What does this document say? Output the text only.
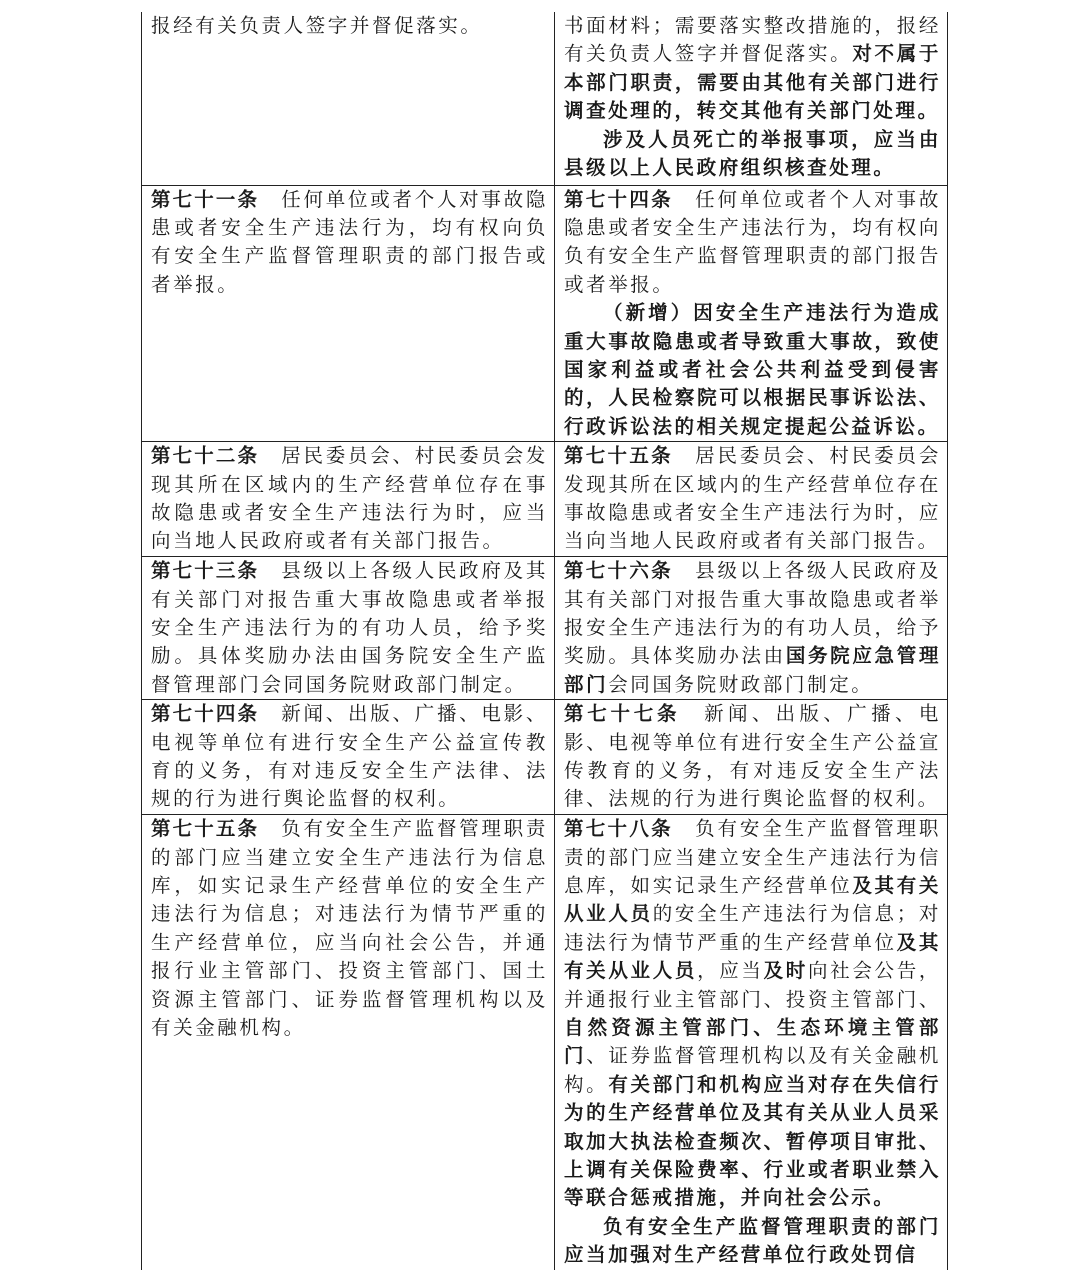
报经有关负责人签字并督促落实。	书面材料；需要落实整改措施的，报经有关负责人签字并督促落实。对不属于本部门职责，需要由其他有关部门进行调查处理的，转交其他有关部门处理。
涉及人员死亡的举报事项，应当由县级以上人民政府组织核查处理。

第七十一条 任何单位或者个人对事故隐患或者安全生产违法行为，均有权向负有安全生产监督管理职责的部门报告或者举报。	第七十四条 任何单位或者个人对事故隐患或者安全生产违法行为，均有权向负有安全生产监督管理职责的部门报告或者举报。
（新增）因安全生产违法行为造成重大事故隐患或者导致重大事故，致使国家利益或者社会公共利益受到侵害的，人民检察院可以根据民事诉讼法、行政诉讼法的相关规定提起公益诉讼。

第七十二条 居民委员会、村民委员会发现其所在区域内的生产经营单位存在事故隐患或者安全生产违法行为时，应当向当地人民政府或者有关部门报告。	第七十五条 居民委员会、村民委员会发现其所在区域内的生产经营单位存在事故隐患或者安全生产违法行为时，应当向当地人民政府或者有关部门报告。

第七十三条 县级以上各级人民政府及其有关部门对报告重大事故隐患或者举报安全生产违法行为的有功人员，给予奖励。具体奖励办法由国务院安全生产监督管理部门会同国务院财政部门制定。	第七十六条 县级以上各级人民政府及其有关部门对报告重大事故隐患或者举报安全生产违法行为的有功人员，给予奖励。具体奖励办法由国务院应急管理部门会同国务院财政部门制定。

第七十四条 新闻、出版、广播、电影、电视等单位有进行安全生产公益宣传教育的义务，有对违反安全生产法律、法规的行为进行舆论监督的权利。	第七十七条 新闻、出版、广播、电影、电视等单位有进行安全生产公益宣传教育的义务，有对违反安全生产法律、法规的行为进行舆论监督的权利。

第七十五条 负有安全生产监督管理职责的部门应当建立安全生产违法行为信息库，如实记录生产经营单位的安全生产违法行为信息；对违法行为情节严重的生产经营单位，应当向社会公告，并通报行业主管部门、投资主管部门、国土资源主管部门、证券监督管理机构以及有关金融机构。	第七十八条 负有安全生产监督管理职责的部门应当建立安全生产违法行为信息库，如实记录生产经营单位及其有关从业人员的安全生产违法行为信息；对违法行为情节严重的生产经营单位及其有关从业人员，应当及时向社会公告，并通报行业主管部门、投资主管部门、自然资源主管部门、生态环境主管部门、证券监督管理机构以及有关金融机构。有关部门和机构应当对存在失信行为的生产经营单位及其有关从业人员采取加大执法检查频次、暂停项目审批、上调有关保险费率、行业或者职业禁入等联合惩戒措施，并向社会公示。
负有安全生产监督管理职责的部门应当加强对生产经营单位行政处罚信
